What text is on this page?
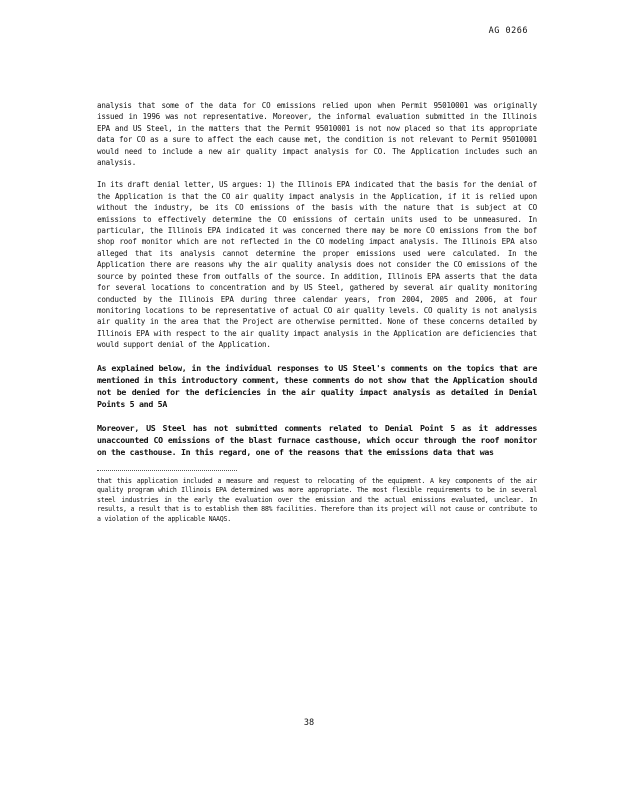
AG 0266

analysis that some of the data for CO emissions relied upon when Permit 95010001 was originally issued in 1996 was not representative. Moreover, the informal evaluation submitted in the Illinois EPA and US Steel, in the matters that the Permit 95010001 is not now placed so that its appropriate data for CO as a sure to affect the each cause met, the condition is not relevant to Permit 95010001 would need to include a new air quality impact analysis for CO. The Application includes such an analysis.

In its draft denial letter, US argues: 1) the Illinois EPA indicated that the basis for the denial of the Application is that the CO air quality impact analysis in the Application, if it is relied upon without the industry, be its CO emissions of the basis with the nature that is subject at CO emissions to effectively determine the CO emissions of certain units used to be unmeasured. In particular, the Illinois EPA indicated it was concerned there may be more CO emissions from the bof shop roof monitor which are not reflected in the CO modeling impact analysis. The Illinois EPA also alleged that its analysis cannot determine the proper emissions used were calculated. In the Application there are reasons why the air quality analysis does not consider the CO emissions of the source by pointed these from outfalls of the source. In addition, Illinois EPA asserts that the data for several locations to concentration and by US Steel, gathered by several air quality monitoring conducted by the Illinois EPA during three calendar years, from 2004, 2005 and 2006, at four monitoring locations to be representative of actual CO air quality levels. CO quality is not analysis air quality in the area that the Project are otherwise permitted. None of these concerns detailed by Illinois EPA with respect to the air quality impact analysis in the Application are deficiencies that would support denial of the Application.

As explained below, in the individual responses to US Steel's comments on the topics that are mentioned in this introductory comment, these comments do not show that the Application should not be denied for the deficiencies in the air quality impact analysis as detailed in Denial Points 5 and 5A

Moreover, US Steel has not submitted comments related to Denial Point 5 as it addresses unaccounted CO emissions of the blast furnace casthouse, which occur through the roof monitor on the casthouse. In this regard, one of the reasons that the emissions data that was

that this application included a measure and request to relocating of the equipment. A key components of the air quality program which Illinois EPA determined was more appropriate. The most flexible requirements to be in several steel industries in the early the evaluation over the emission and the actual emissions evaluated, unclear. In results, a result that is to establish them 88% facilities. Therefore than its project will not cause or contribute to a violation of the applicable NAAQS.

38
